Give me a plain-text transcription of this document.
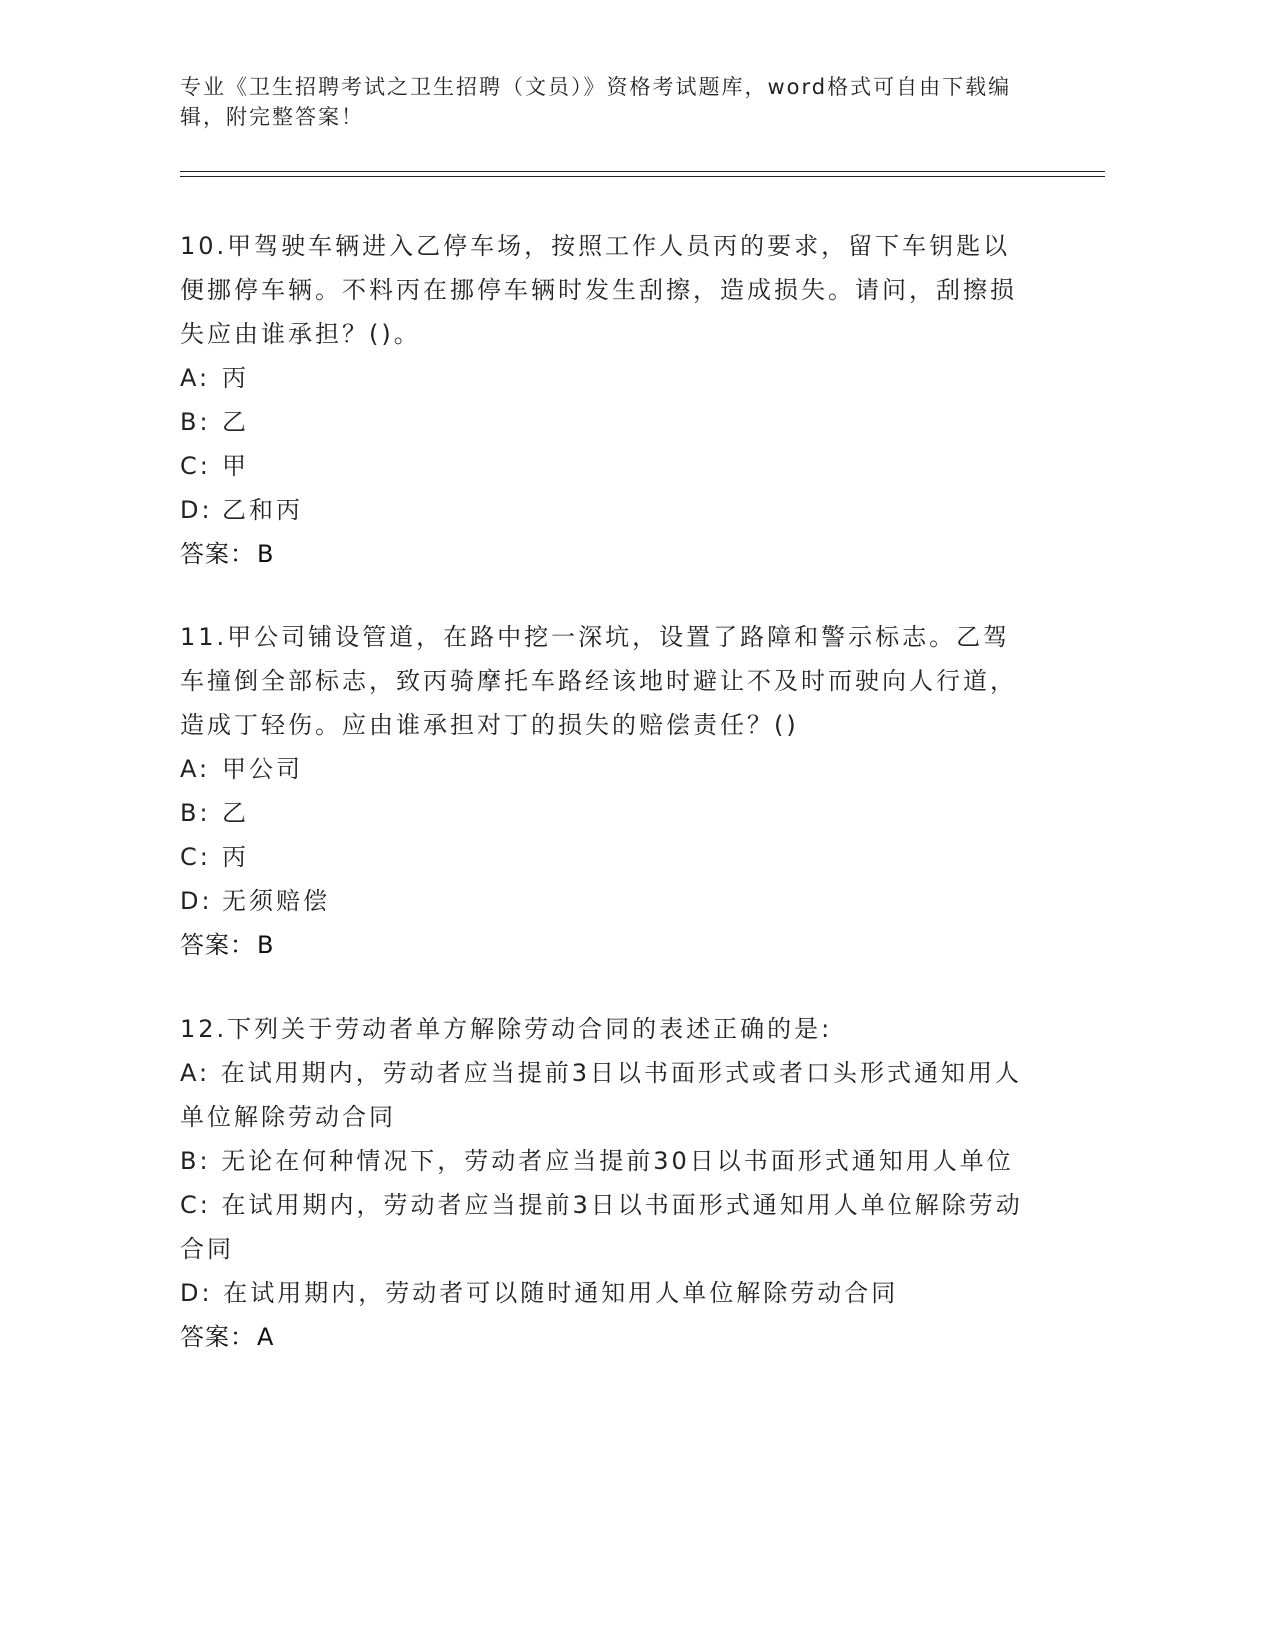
专业《卫生招聘考试之卫生招聘（文员）》资格考试题库，word格式可自由下载编辑，附完整答案！

10.甲驾驶车辆进入乙停车场，按照工作人员丙的要求，留下车钥匙以便挪停车辆。不料丙在挪停车辆时发生刮擦，造成损失。请问，刮擦损失应由谁承担？()。

A: 丙

B: 乙

C: 甲

D: 乙和丙

答案：B

11.甲公司铺设管道，在路中挖一深坑，设置了路障和警示标志。乙驾车撞倒全部标志，致丙骑摩托车路经该地时避让不及时而驶向人行道，造成丁轻伤。应由谁承担对丁的损失的赔偿责任？()

A: 甲公司

B: 乙

C: 丙

D: 无须赔偿

答案：B

12.下列关于劳动者单方解除劳动合同的表述正确的是:

A: 在试用期内，劳动者应当提前3日以书面形式或者口头形式通知用人单位解除劳动合同

B: 无论在何种情况下，劳动者应当提前30日以书面形式通知用人单位

C: 在试用期内，劳动者应当提前3日以书面形式通知用人单位解除劳动合同

D: 在试用期内，劳动者可以随时通知用人单位解除劳动合同

答案：A
